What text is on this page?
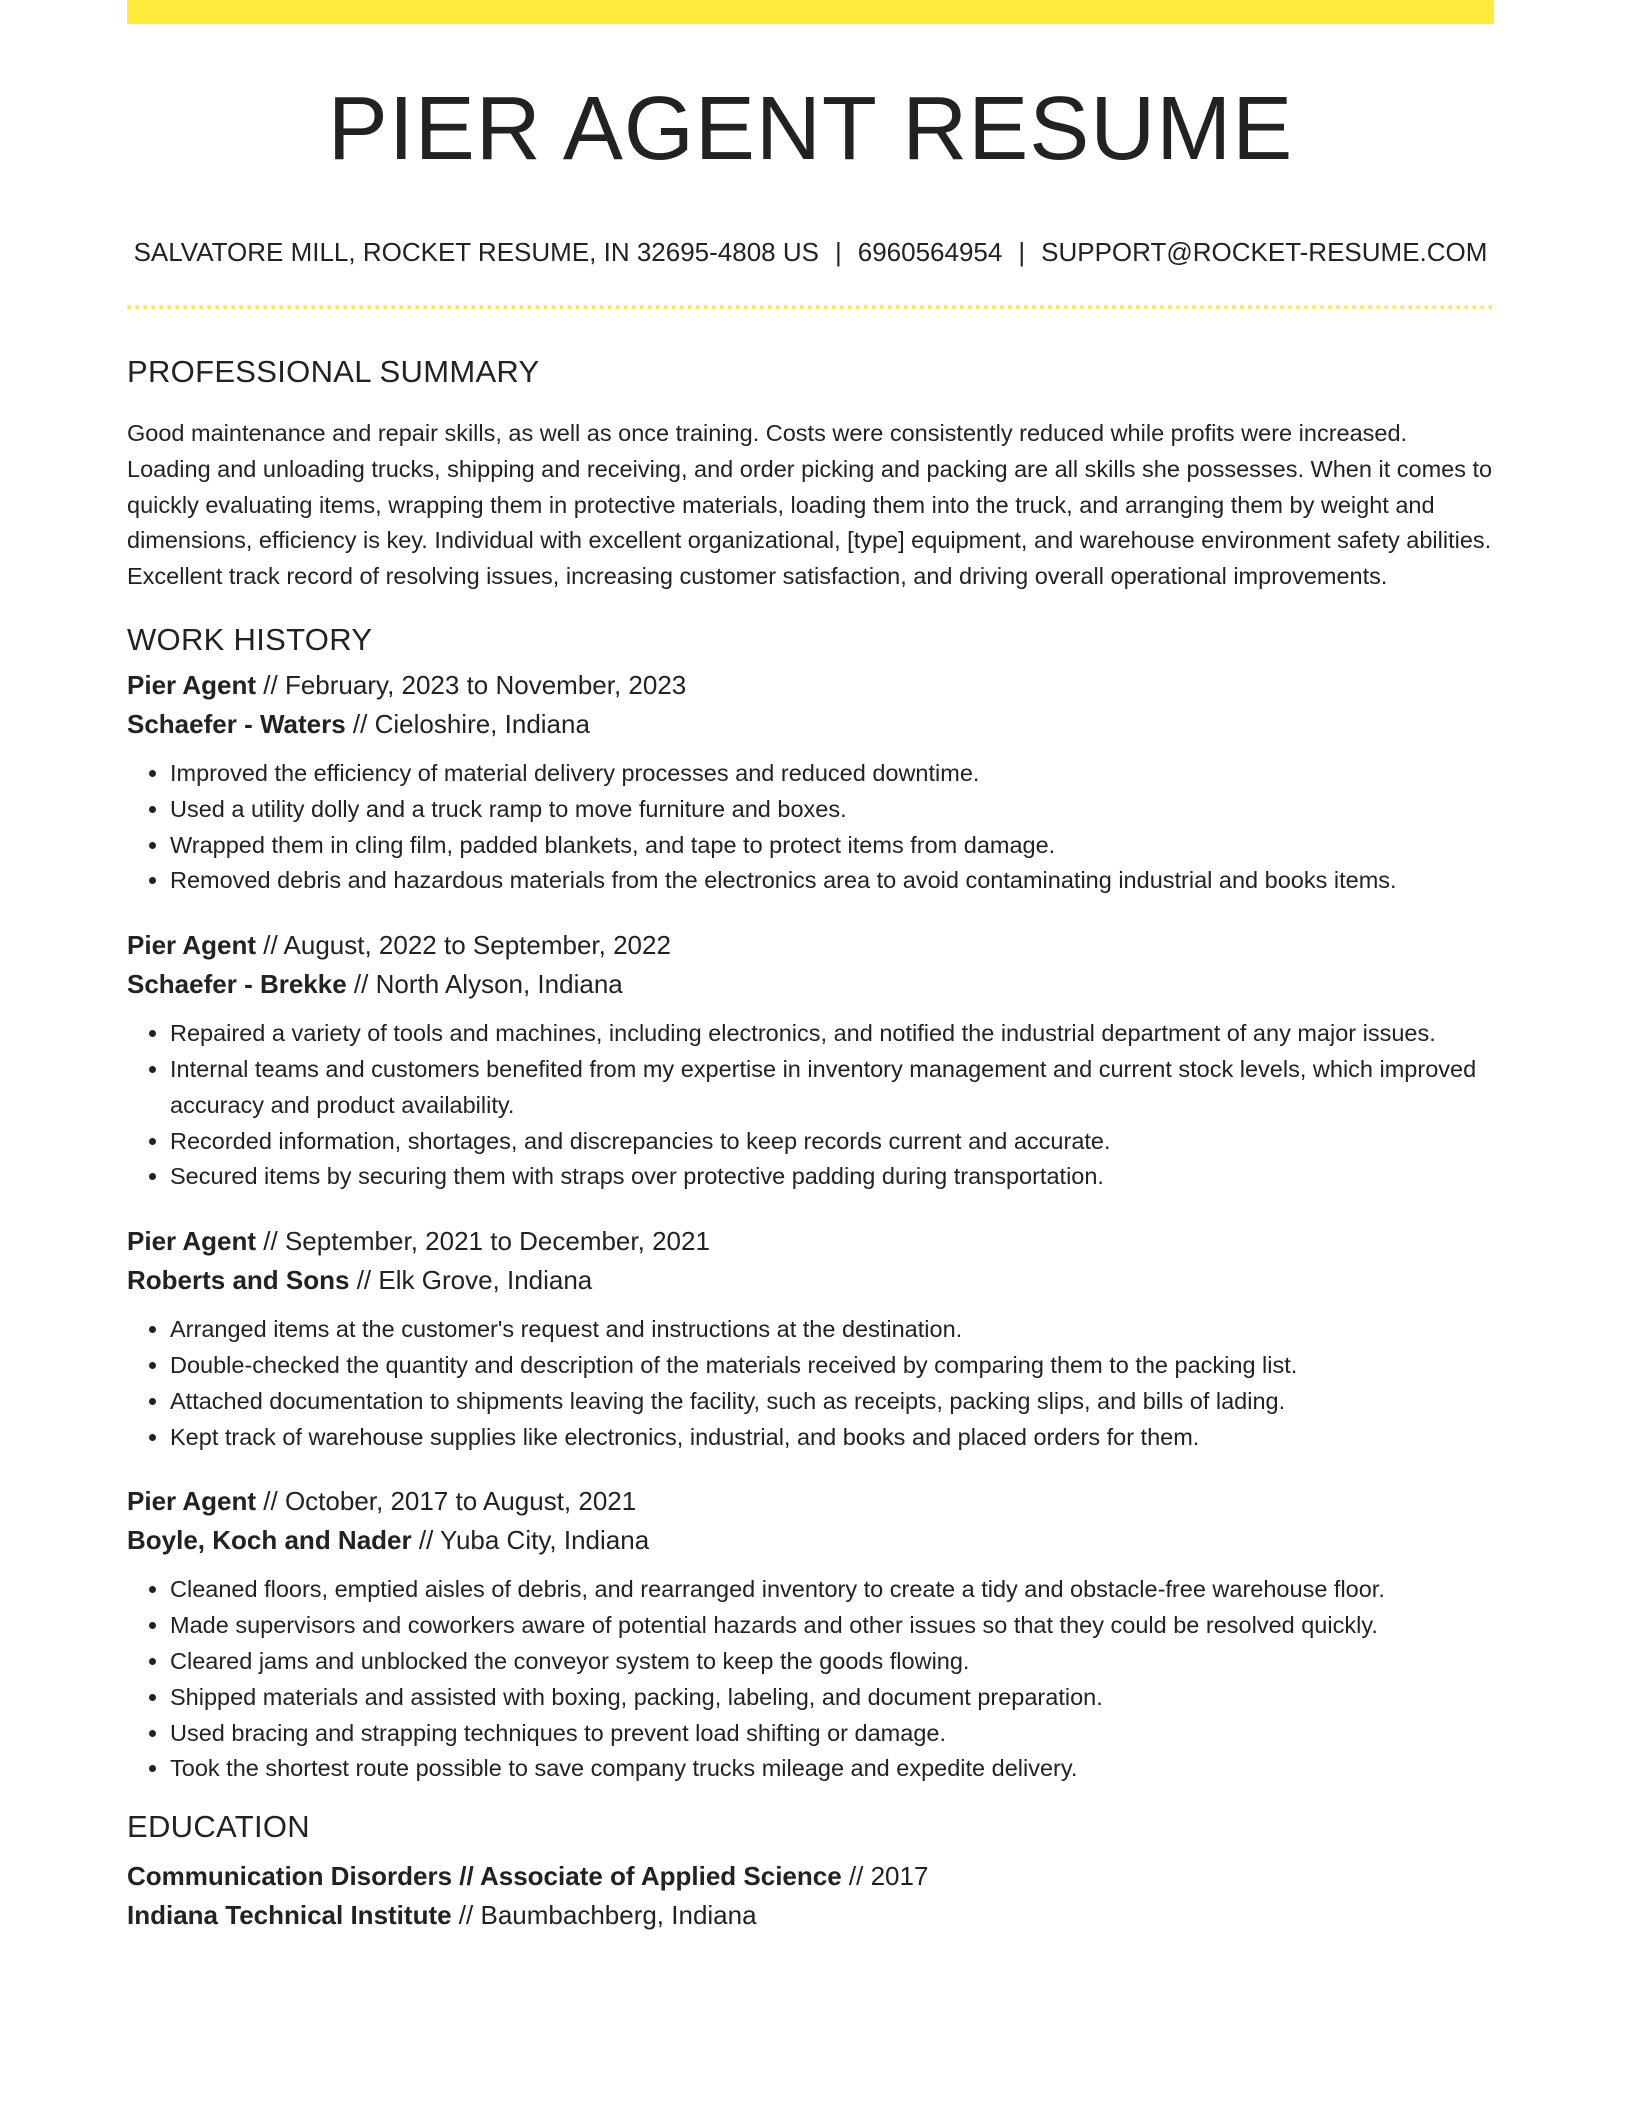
PIER AGENT RESUME
SALVATORE MILL, ROCKET RESUME, IN 32695-4808 US | 6960564954 | SUPPORT@ROCKET-RESUME.COM
PROFESSIONAL SUMMARY

Good maintenance and repair skills, as well as once training. Costs were consistently reduced while profits were increased. Loading and unloading trucks, shipping and receiving, and order picking and packing are all skills she possesses. When it comes to quickly evaluating items, wrapping them in protective materials, loading them into the truck, and arranging them by weight and dimensions, efficiency is key. Individual with excellent organizational, [type] equipment, and warehouse environment safety abilities. Excellent track record of resolving issues, increasing customer satisfaction, and driving overall operational improvements.

WORK HISTORY
Pier Agent // February, 2023 to November, 2023
Schaefer - Waters // Cieloshire, Indiana
• Improved the efficiency of material delivery processes and reduced downtime.
• Used a utility dolly and a truck ramp to move furniture and boxes.
• Wrapped them in cling film, padded blankets, and tape to protect items from damage.
• Removed debris and hazardous materials from the electronics area to avoid contaminating industrial and books items.
Pier Agent // August, 2022 to September, 2022
Schaefer - Brekke // North Alyson, Indiana
• Repaired a variety of tools and machines, including electronics, and notified the industrial department of any major issues.
• Internal teams and customers benefited from my expertise in inventory management and current stock levels, which improved accuracy and product availability.
• Recorded information, shortages, and discrepancies to keep records current and accurate.
• Secured items by securing them with straps over protective padding during transportation.
Pier Agent // September, 2021 to December, 2021
Roberts and Sons // Elk Grove, Indiana
• Arranged items at the customer's request and instructions at the destination.
• Double-checked the quantity and description of the materials received by comparing them to the packing list.
• Attached documentation to shipments leaving the facility, such as receipts, packing slips, and bills of lading.
• Kept track of warehouse supplies like electronics, industrial, and books and placed orders for them.
Pier Agent // October, 2017 to August, 2021
Boyle, Koch and Nader // Yuba City, Indiana
• Cleaned floors, emptied aisles of debris, and rearranged inventory to create a tidy and obstacle-free warehouse floor.
• Made supervisors and coworkers aware of potential hazards and other issues so that they could be resolved quickly.
• Cleared jams and unblocked the conveyor system to keep the goods flowing.
• Shipped materials and assisted with boxing, packing, labeling, and document preparation.
• Used bracing and strapping techniques to prevent load shifting or damage.
• Took the shortest route possible to save company trucks mileage and expedite delivery.
EDUCATION
Communication Disorders // Associate of Applied Science // 2017
Indiana Technical Institute // Baumbachberg, Indiana
